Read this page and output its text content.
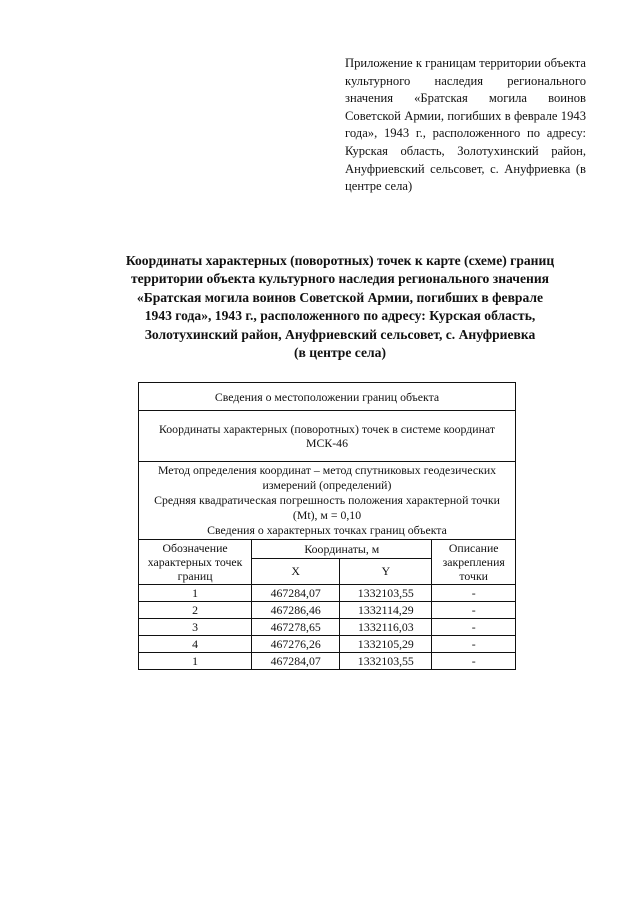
Приложение к границам территории объекта культурного наследия регионального значения «Братская могила воинов Советской Армии, погибших в феврале 1943 года», 1943 г., расположенного по адресу: Курская область, Золотухинский район, Ануфриевский сельсовет, с. Ануфриевка (в центре села)
Координаты характерных (поворотных) точек к карте (схеме) границ
территории объекта культурного наследия регионального значения
«Братская могила воинов Советской Армии, погибших в феврале
1943 года», 1943 г., расположенного по адресу: Курская область,
Золотухинский район, Ануфриевский сельсовет, с. Ануфриевка
(в центре села)
Сведения о местоположении границ объекта			
Координаты характерных (поворотных) точек в системе координат МСК-46			

Метод определения координат – метод спутниковых геодезических измерений (определений)
Средняя квадратическая погрешность положения характерной точки (Mt), м = 0,10
Сведения о характерных точках границ объекта			

Обозначение характерных точек границ	Координаты, м		Описание закрепления точки
	X	Y	
1	467284,07	1332103,55	-
2	467286,46	1332114,29	-
3	467278,65	1332116,03	-
4	467276,26	1332105,29	-
1	467284,07	1332103,55	-
